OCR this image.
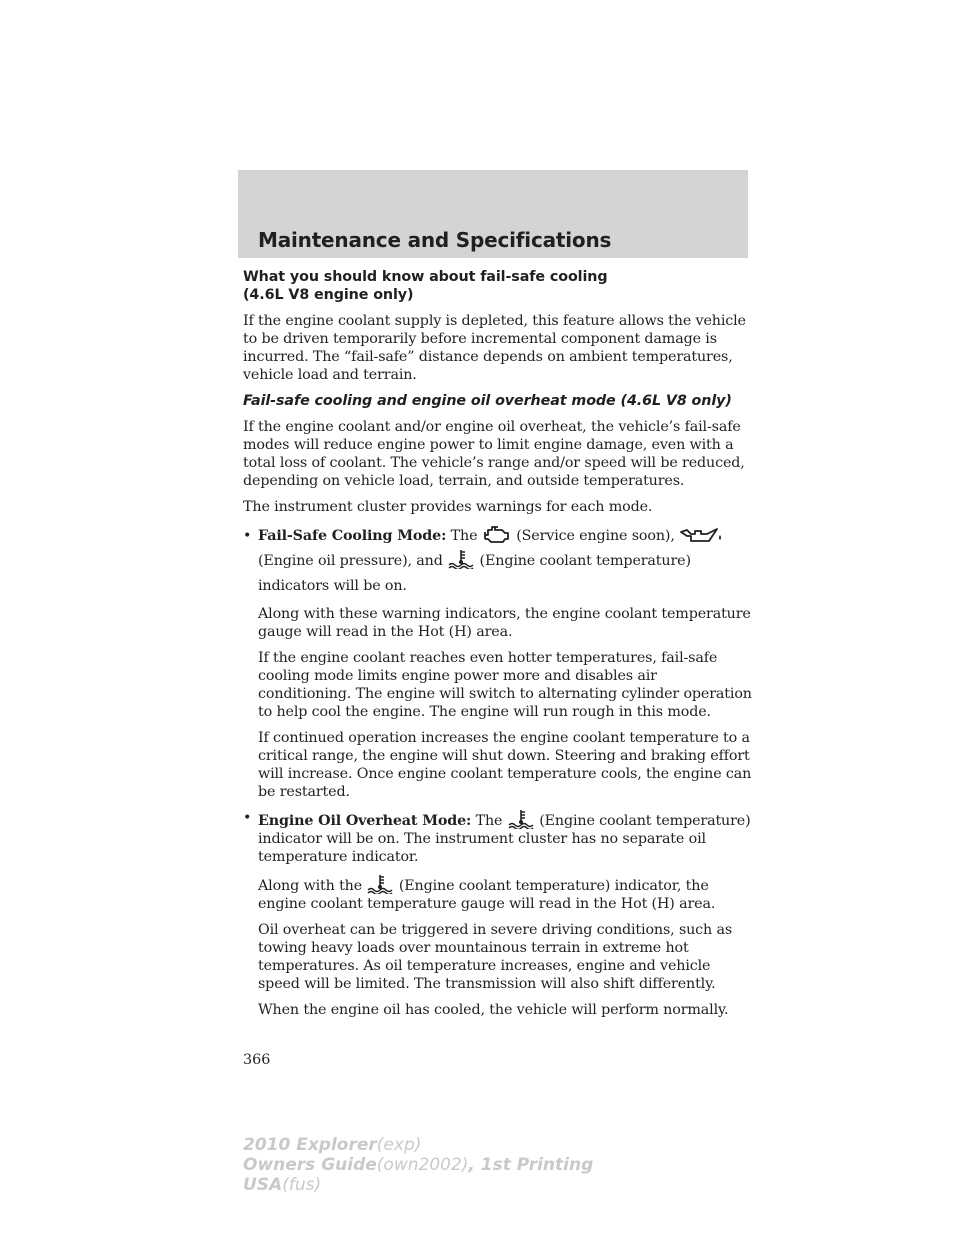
Maintenance and Specifications
What you should know about fail-safe cooling
(4.6L V8 engine only)

If the engine coolant supply is depleted, this feature allows the vehicle to be driven temporarily before incremental component damage is incurred. The “fail-safe” distance depends on ambient temperatures, vehicle load and terrain.

Fail-safe cooling and engine oil overheat mode (4.6L V8 only)

If the engine coolant and/or engine oil overheat, the vehicle’s fail-safe modes will reduce engine power to limit engine damage, even with a total loss of coolant. The vehicle’s range and/or speed will be reduced, depending on vehicle load, terrain, and outside temperatures.

The instrument cluster provides warnings for each mode.

• Fail-Safe Cooling Mode: The	(Service engine soon),  (Engine oil pressure), and	(Engine coolant temperature) indicators will be on.

Along with these warning indicators, the engine coolant temperature gauge will read in the Hot (H) area.

If the engine coolant reaches even hotter temperatures, fail-safe cooling mode limits engine power more and disables air conditioning. The engine will switch to alternating cylinder operation to help cool the engine. The engine will run rough in this mode.

If continued operation increases the engine coolant temperature to a critical range, the engine will shut down. Steering and braking effort will increase. Once engine coolant temperature cools, the engine can be restarted.

• Engine Oil Overheat Mode: The	(Engine coolant temperature) indicator will be on. The instrument cluster has no separate oil temperature indicator.

Along with the	(Engine coolant temperature) indicator, the engine coolant temperature gauge will read in the Hot (H) area.

Oil overheat can be triggered in severe driving conditions, such as towing heavy loads over mountainous terrain in extreme hot temperatures. As oil temperature increases, engine and vehicle speed will be limited. The transmission will also shift differently.

When the engine oil has cooled, the vehicle will perform normally.

366
2010 Explorer(exp)
Owners Guide(own2002), 1st Printing
USA(fus)
